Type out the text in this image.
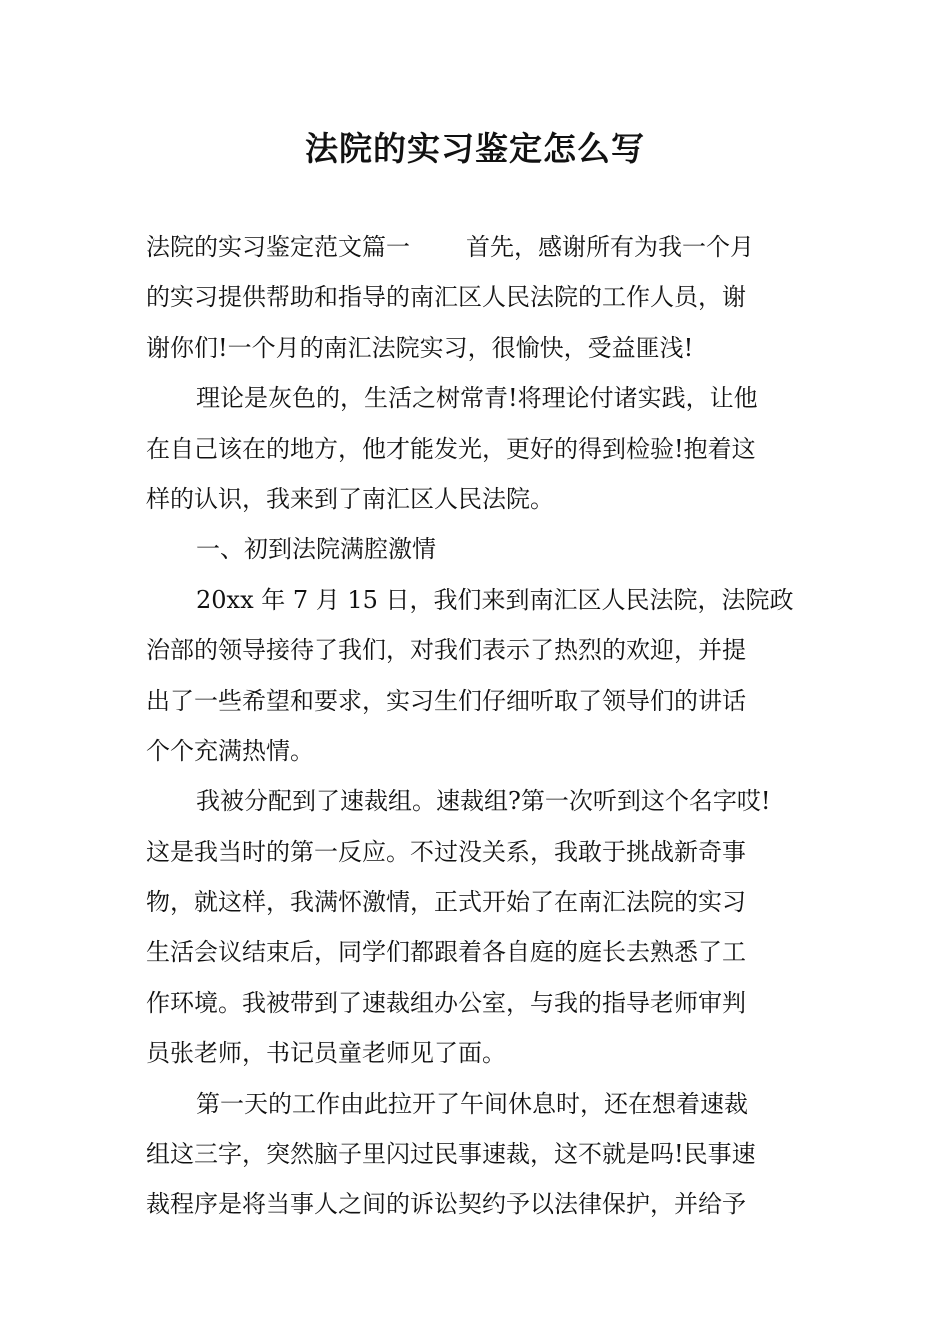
法院的实习鉴定怎么写
法院的实习鉴定范文篇一 首先，感谢所有为我一个月
的实习提供帮助和指导的南汇区人民法院的工作人员，谢
谢你们!一个月的南汇法院实习，很愉快，受益匪浅!
理论是灰色的，生活之树常青!将理论付诸实践，让他
在自己该在的地方，他才能发光，更好的得到检验!抱着这
样的认识，我来到了南汇区人民法院。
一、初到法院满腔激情
20xx 年 7 月 15 日，我们来到南汇区人民法院，法院政
治部的领导接待了我们，对我们表示了热烈的欢迎，并提
出了一些希望和要求，实习生们仔细听取了领导们的讲话
个个充满热情。
我被分配到了速裁组。速裁组?第一次听到这个名字哎!
这是我当时的第一反应。不过没关系，我敢于挑战新奇事
物，就这样，我满怀激情，正式开始了在南汇法院的实习
生活会议结束后，同学们都跟着各自庭的庭长去熟悉了工
作环境。我被带到了速裁组办公室，与我的指导老师审判
员张老师，书记员童老师见了面。
第一天的工作由此拉开了午间休息时，还在想着速裁
组这三字，突然脑子里闪过民事速裁，这不就是吗!民事速
裁程序是将当事人之间的诉讼契约予以法律保护，并给予
